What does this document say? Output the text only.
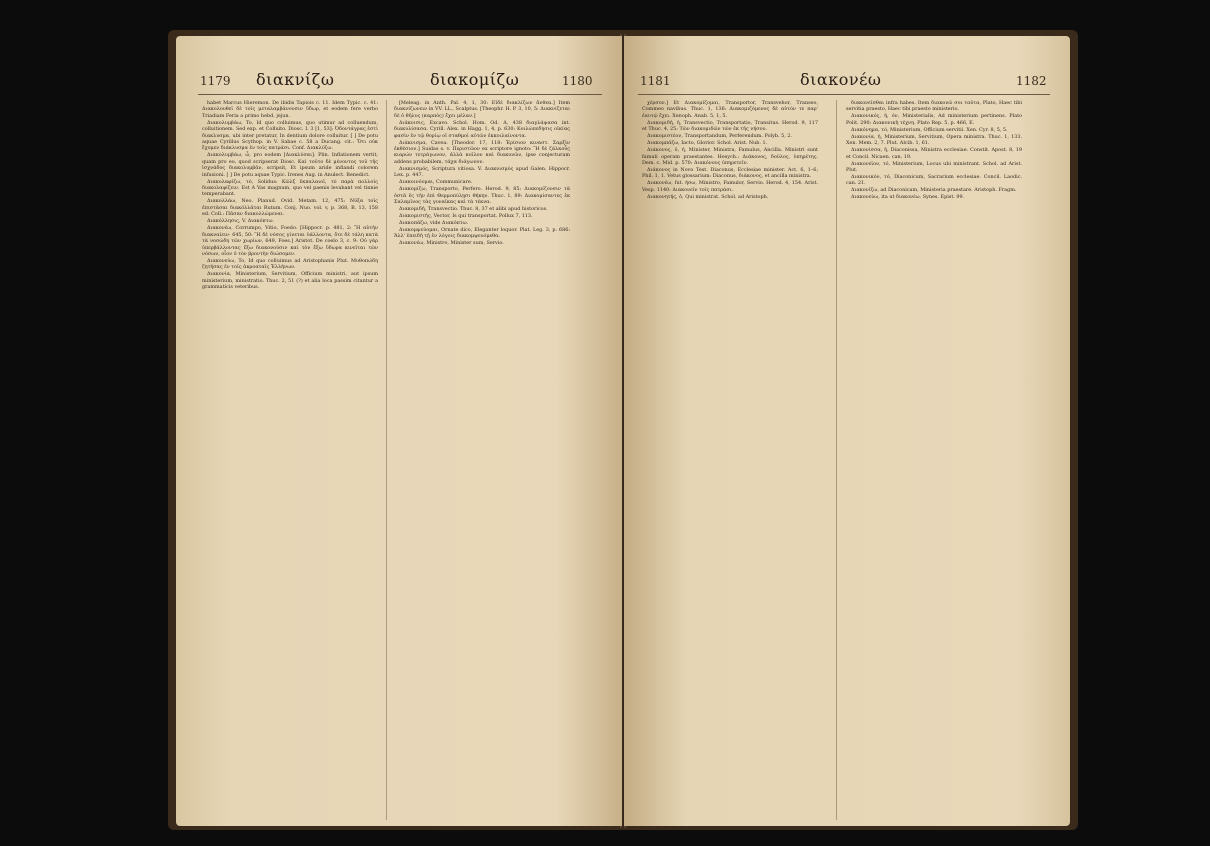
1179 διακνίζω	διακομίζω	1180

habet Marcus Hieremon. De ibidis Tapiois c. 11. Idem Typic. c. 41: Διακολουθεῖ δὲ τοῖς μεταλαμβάνουσιν ὕδωρ, et eodem fere verbo Triadiam Feria a primo hebd. jejun.

Διακολυμβάω, To, Id quo colluimus, quo utimur ad colluendum, colluitionem. Sed exp. et Colluito. Diosc. I. 3 [1, 53]: Ὀδοντάγρας ἐστὶ διακλυσμα, ubi inter pretatur, In dentium dolore colluitur. [ ] De potu aquae Cyrillus Scythop. in V. Sabae c. 58 a Ducang. cit.: Ὅτι οὐκ ἔχομεν διάκλυσμα ἐν τοῖς πατράσι. Conf. Διακλύζω.

Διακολυμβάω, ὦ, pro eodem [Διακλύσαι]. Plin. Inflationem vertit, quam pro eo, quod scripserat Diosc. Καὶ τοῦτο δὲ μένοντος τοῦ τῆς ἰσχνάδος διακολυμβᾶν, scripsit, Et ipsum aride inflandi colorem infusioni. [ ] De potu aquae Typic. Irenes Aug. in Anulect. Benedict.

Διακολαφίζω, τό, Solidus: Κῶλξ ἐκπαλαιοῖ, τὸ παρὰ πολλοῖς διακολαφίζειν. Est A Vas magnum, quo vel paenis levabant vel tinnie temperabant.

Διακολλάω, Neo. Planud. Ovid. Metam. 12, 475: Νῦξα τοῖς ἐπιστᾶσαι διακόλλᾶται Rutum. Conj. Nuo. vol. v, p. 368, B. 13, 158 ed. Coll.: Πᾶσαν διακολλώμεναι.

Διακόλλησις, V. Διακόπτω.

Διακονέω, Corrumpo, Vitio, Foedo. [Hippocr. p. 481, 2: Ἢ αὐτὴν διακναίειν· 645, 50: Ἢ δὲ νόσος γίνεται ὑάλλοντα, ὅτε δὲ τάλη κατὰ τὰ νοσώδη τῶν χωρίων, 649, Foes.] Aristot. De coelo 3, c. 9: Οὐ γὰρ ὑπερβάλλοντας ἔξω διακονοῦσιν καὶ τὸν ἔξω ὕδωρα κινεῖται τῶν νόσων, οἷον ὁ τὸν βροντὴν διώσομεν.

Διακονεύω, To, Id quo colluimus ad Aristophanis Plut. Μυθοπώδη ζητήσας ἐν τοῖς ἀκροαταῖς Ἑλλήνων.

Διακονία, Ministerium, Servitium, Officium ministri, aut ipsum ministerium, ministratio. Thuc. 2, 51 (?) et alia loca passim citantur a grammaticis veteribus.

[Meleag. in Anth. Pal. 4, 1, 30: Εἰδὲ διακλίζων ἄνθεα.] Item διακνίζωνειν in VV. LL., Scalptus. [Theophr. H. P. 3, 10, 5: Διακνίζεται δὲ ὁ θῆλυς (καρπὸς) ἔχει μέλαν.]

Διάκνισις, Excavo. Schol. Hom. Od. Δ, 438 διαγλάψασα int. διακυλίσασα. Cyrill. Alex. in Hagg. 1, 4, p. 630: Κοιλώπεδησις οἰκίας φασὶν ἐν τῷ θορίῳ οἱ σταθμοὶ αὐτῶν ἐκκοιλαίνοντα.

Διάκνισμα, Cavea. [Theodor. 17, 118: Ἐρίσιον κιναστ. Σαρξὶν ἐκθέσιον.] Suidas s. v. Περιστῶον ex scriptore ignoto: Ἢ δὲ ζάλκοὖς κιαρών τετράγωνον, ἀλλὰ κοῖλον καὶ διακυνῶν, ipse conjecturam addens probabilem, τάχα διάγωνον.

Διακνισμός, Scriptura vitiosa. V. Διακνισμὸς apud Galen. Hippocr. Lex. p. 447.

Διακοινόομαι, Communicare.

Διακομίζω, Transporto, Perfero. Herod. 9, 85: Διακομίζουσιν τὰ ὀστᾶ ἐς τὴν ἐπὶ Θερμοπύλῃσι θήκην. Thuc. 1, 89: Διακομίσαντες ἐκ Σαλαμῖνος τὰς γυναῖκας καὶ τὰ τέκνα.

Διακομιδή, Transvectio. Thuc. 8, 37 et alibi apud historicos.

Διακομιστής, Vector, Is qui transportat. Pollux 7, 113.

Διακοπάζω, vide Διακόπτω.

Διακομψεύομαι, Ornate dico, Eleganter loquor. Plat. Leg. 3, p. 686: Ἀλλ' ἐπειδὴ τῇ ἐν λόγοις διακομψευόμεθα.

Διακονέω, Ministro, Minister sum, Servio.

1181	διακονέω	1182

χέρσον.] Et Διακομίζομαι, Transportor, Transvehor, Transeo, Commeo navibus. Thuc. 1, 136: Διακομιζόμενος δὲ αὐτόν τε παρ' ἑαυτῷ ἔχει. Xenoph. Anab. 5, 1, 5.

Διακομιδή, ἡ, Transvectio, Transportatio, Transitus. Herod. 9, 117 et Thuc. 4, 25: Τῶν διακομιδῶν τῶν ἐκ τῆς νήσου.

Διακομιστέον, Transportandum, Perferendum. Polyb. 5, 2.

Διακομπάζω, Iacto, Glorior. Schol. Arist. Nub. 1.

Διάκονος, ὁ, ἡ, Minister, Ministra, Famulus, Ancilla. Ministri sunt famuli operam praestantes. Hesych.: Διάκονος, δοῦλος, ὑπηρέτης. Dem. c. Mid. p. 570: Διακόνους ὑπηρετεῖν.

Διάκονος in Novo Test. Diaconus, Ecclesiae minister. Act. 6, 1–6; Phil. 1, 1. Vetus glossarium: Diaconus, διάκονος, et ancilla ministra.

Διακονέω, fut. ήσω, Ministro, Famulor, Servio. Herod. 4, 154. Arist. Vesp. 1140: Διακονεῖν τοῖς πατράσι.

Διακονητής, ὁ, Qui ministrat. Schol. ad Aristoph.

διακονεῖσθαι infra habes. Item διακονῶ σοι ταῦτα, Plato, Haec tibi servitia praesto, Haec tibi praesto ministerio.

Διακονικός, ή, όν, Ministerialis, Ad ministerium pertinens. Plato Polit. 290: Διακονικὴ τέχνη. Plato Rep. 5, p. 466, E.

Διακόνημα, τό, Ministerium, Officium servitii. Xen. Cyr. 8, 5, 5.

Διακονία, ἡ, Ministerium, Servitium, Opera ministra. Thuc. 1, 133. Xen. Mem. 2, 7. Plut. Alcib. 1, 61.

Διακονίσσα, ἡ, Diaconissa, Ministra ecclesiae. Constit. Apost. 8, 19 et Concil. Nicaen. can. 19.

Διακονεῖον, τό, Ministerium, Locus ubi ministrant. Schol. ad Arist. Plut.

Διακονικόν, τό, Diaconicum, Sacrarium ecclesiae. Concil. Laodic. can. 21.

Διακονίζω, ad Diaconicam, Ministeria praestare. Aristoph. Fragm.

Διακονεύω, ita ut διακονέω. Synes. Epist. 99.
